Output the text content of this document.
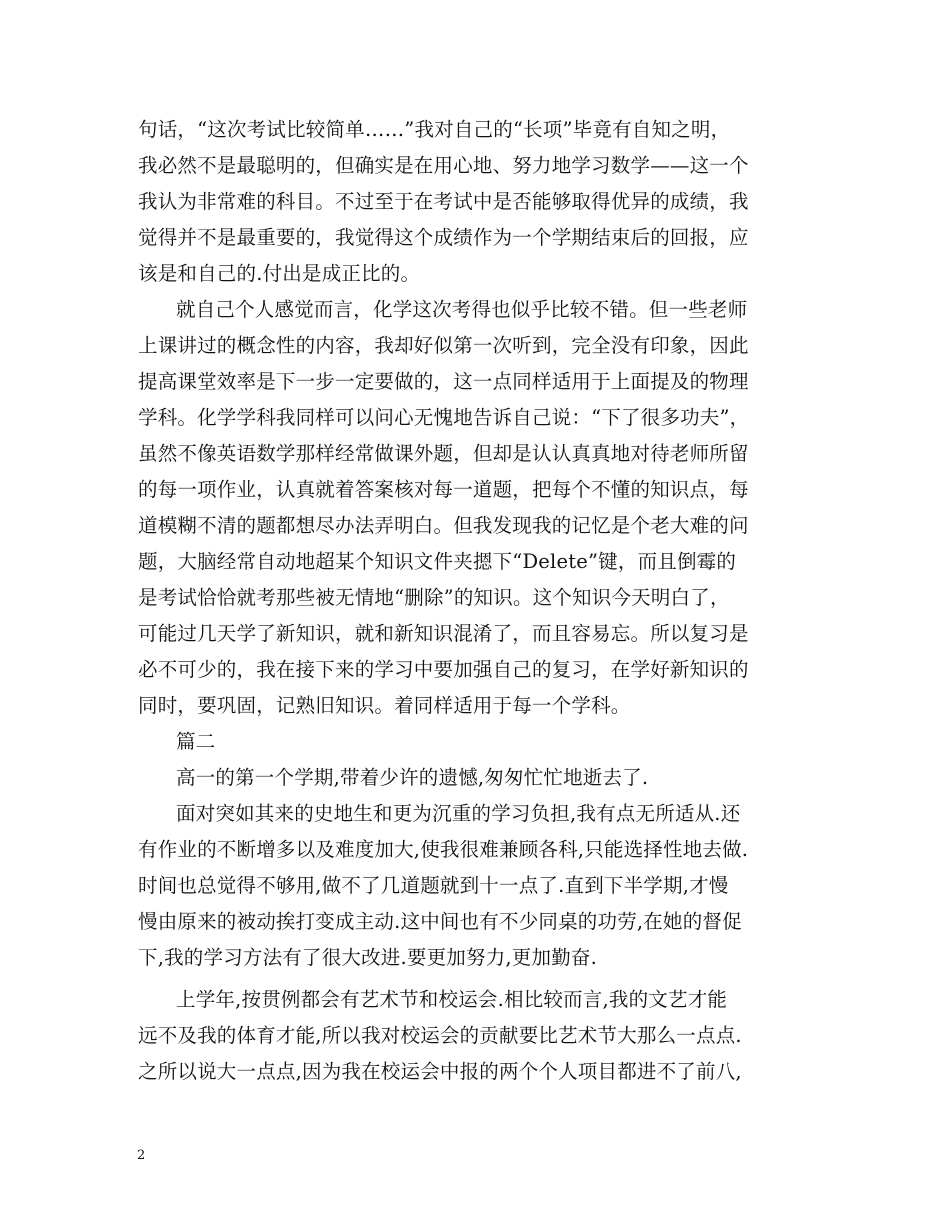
句话，“这次考试比较简单……”我对自己的“长项”毕竟有自知之明，
我必然不是最聪明的，但确实是在用心地、努力地学习数学——这一个
我认为非常难的科目。不过至于在考试中是否能够取得优异的成绩，我
觉得并不是最重要的，我觉得这个成绩作为一个学期结束后的回报，应
该是和自己的.付出是成正比的。
就自己个人感觉而言，化学这次考得也似乎比较不错。但一些老师
上课讲过的概念性的内容，我却好似第一次听到，完全没有印象，因此
提高课堂效率是下一步一定要做的，这一点同样适用于上面提及的物理
学科。化学学科我同样可以问心无愧地告诉自己说：“下了很多功夫”，
虽然不像英语数学那样经常做课外题，但却是认认真真地对待老师所留
的每一项作业，认真就着答案核对每一道题，把每个不懂的知识点，每
道模糊不清的题都想尽办法弄明白。但我发现我的记忆是个老大难的问
题，大脑经常自动地超某个知识文件夹摁下“Delete”键，而且倒霉的
是考试恰恰就考那些被无情地“删除”的知识。这个知识今天明白了，
可能过几天学了新知识，就和新知识混淆了，而且容易忘。所以复习是
必不可少的，我在接下来的学习中要加强自己的复习，在学好新知识的
同时，要巩固，记熟旧知识。着同样适用于每一个学科。
篇二
高一的第一个学期,带着少许的遗憾,匆匆忙忙地逝去了.
面对突如其来的史地生和更为沉重的学习负担,我有点无所适从.还
有作业的不断增多以及难度加大,使我很难兼顾各科,只能选择性地去做.
时间也总觉得不够用,做不了几道题就到十一点了.直到下半学期,才慢
慢由原来的被动挨打变成主动.这中间也有不少同桌的功劳,在她的督促
下,我的学习方法有了很大改进.要更加努力,更加勤奋.
上学年,按贯例都会有艺术节和校运会.相比较而言,我的文艺才能
远不及我的体育才能,所以我对校运会的贡献要比艺术节大那么一点点.
之所以说大一点点,因为我在校运会中报的两个个人项目都进不了前八,
2
